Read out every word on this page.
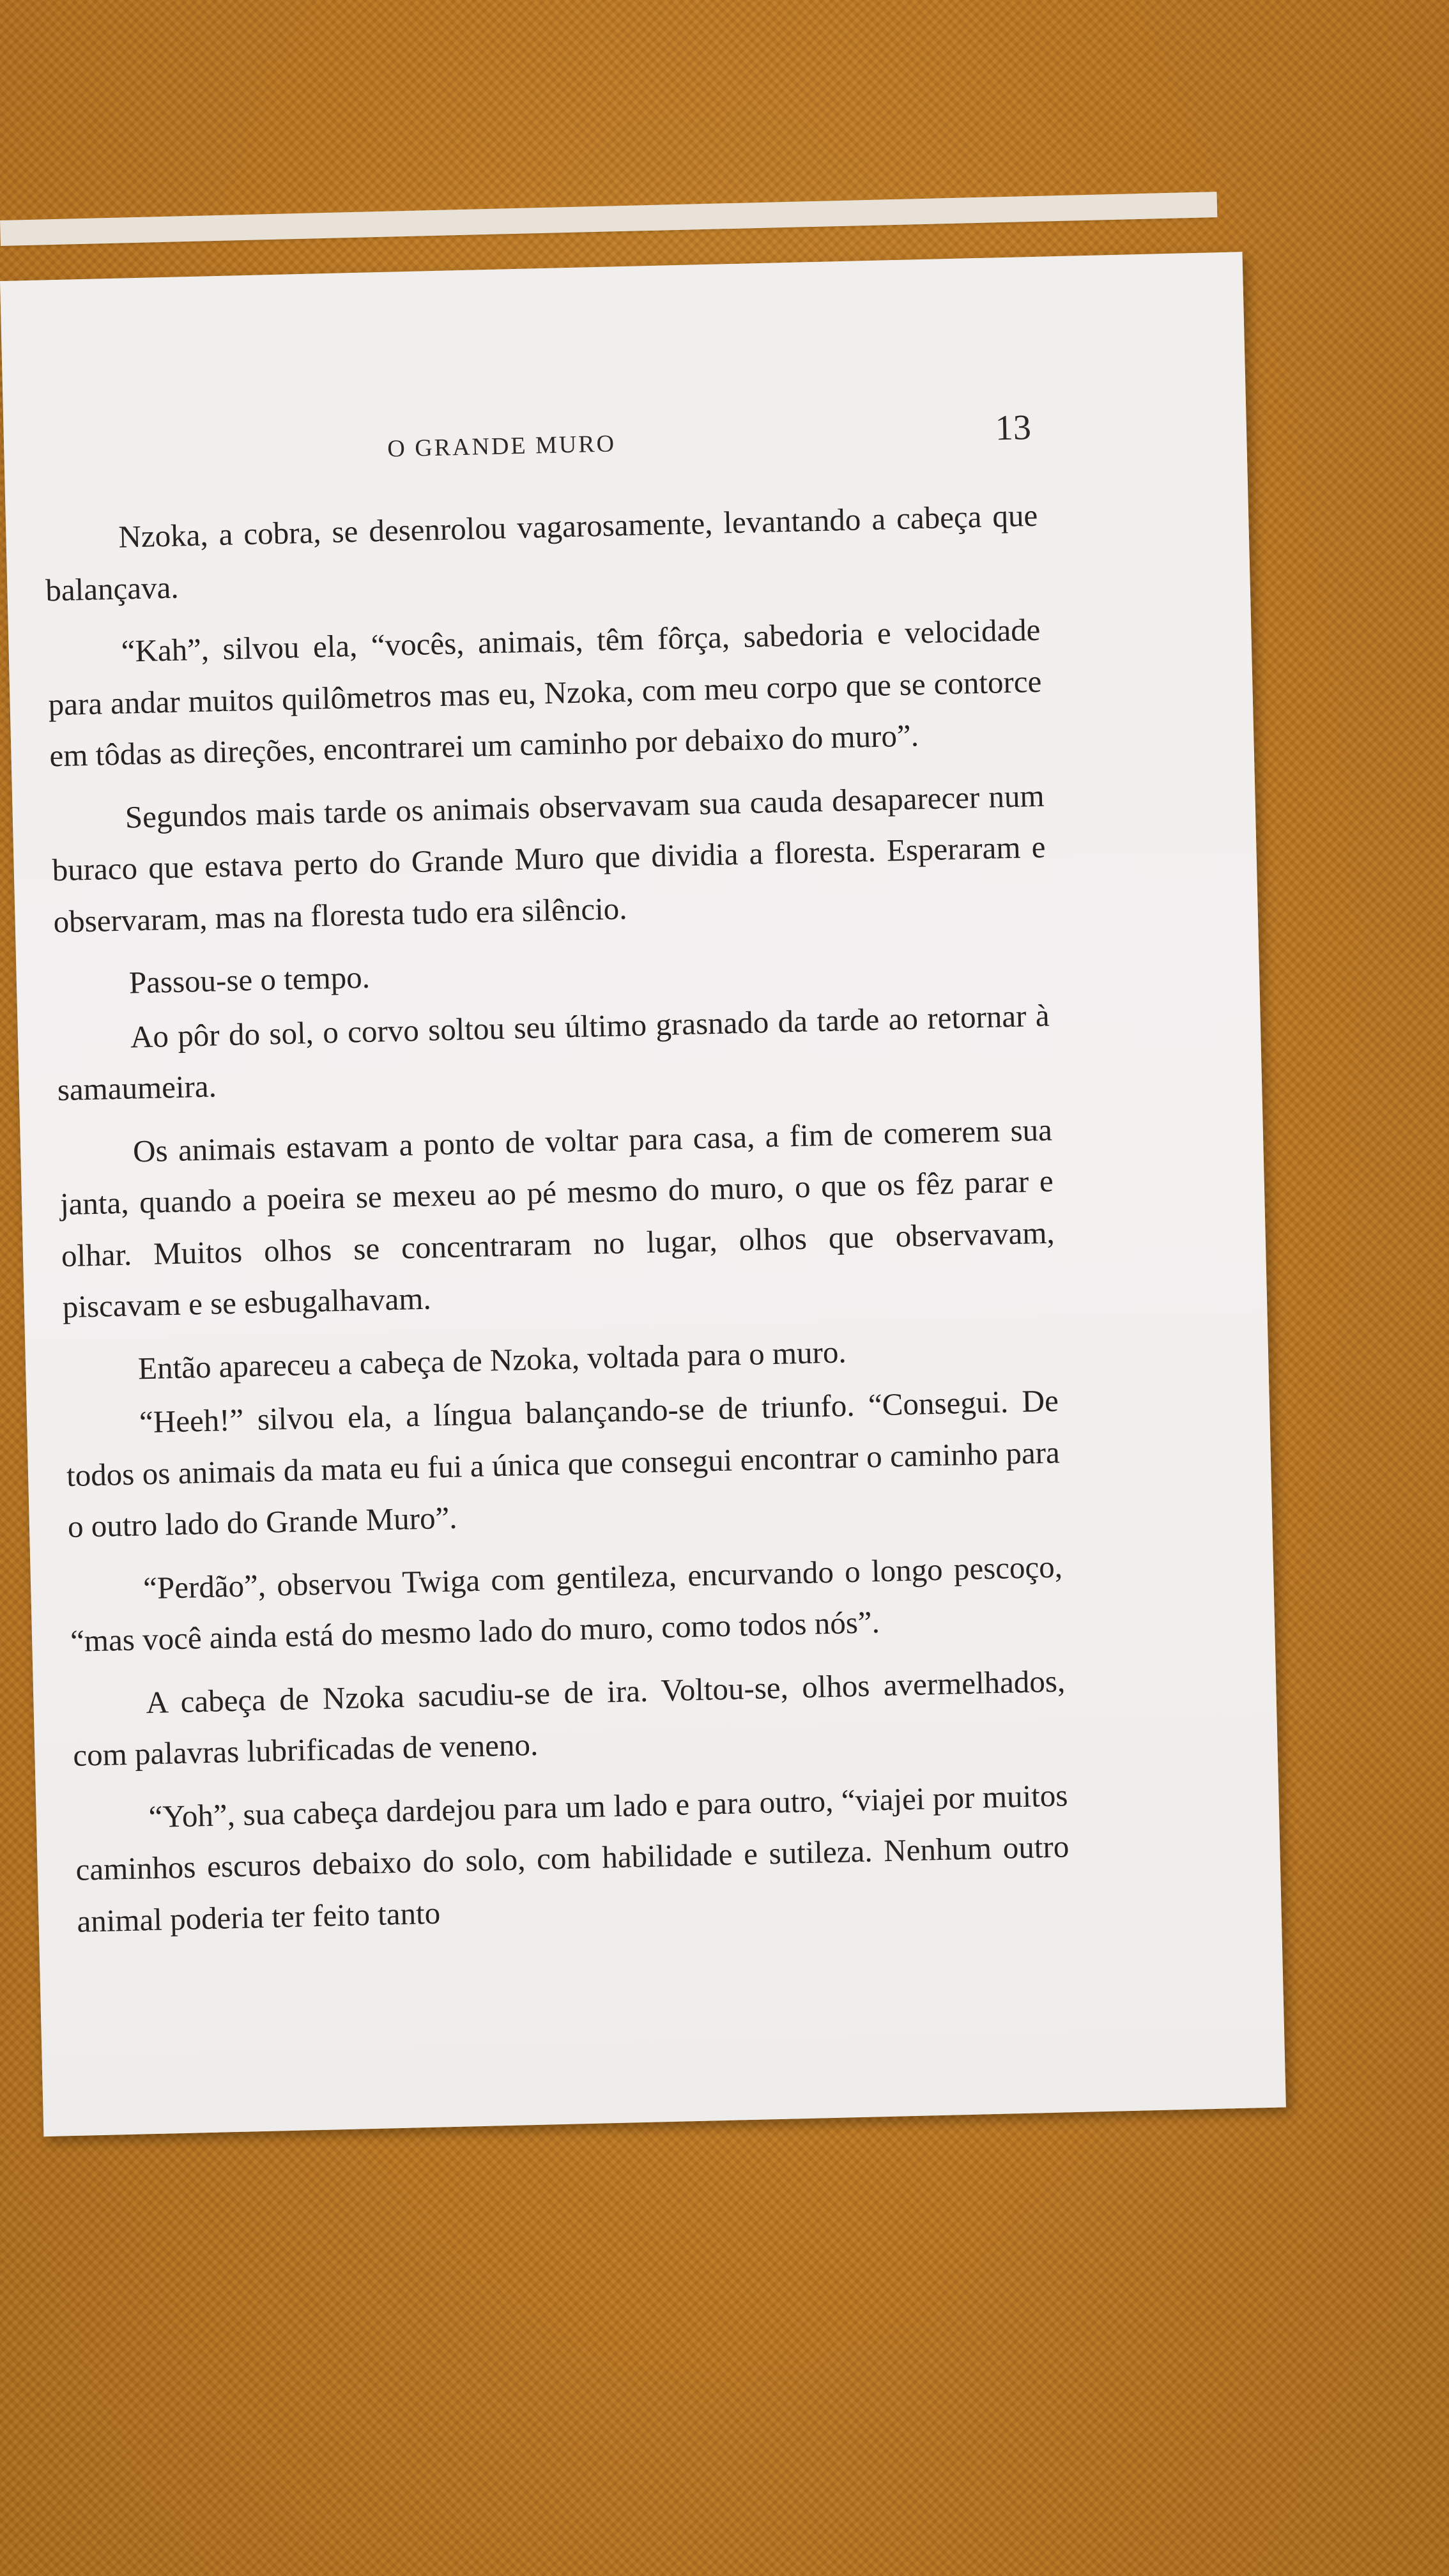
O GRANDE MURO	13

Nzoka, a cobra, se desenrolou vagarosamente, levantando a cabeça que balançava.

“Kah”, silvou ela, “vocês, animais, têm fôrça, sabedoria e velocidade para andar muitos quilômetros mas eu, Nzoka, com meu corpo que se contorce em tôdas as direções, encontrarei um caminho por debaixo do muro”.

Segundos mais tarde os animais observavam sua cauda desaparecer num buraco que estava perto do Grande Muro que dividia a floresta. Esperaram e observaram, mas na floresta tudo era silêncio.

Passou-se o tempo.

Ao pôr do sol, o corvo soltou seu último grasnado da tarde ao retornar à samaumeira.

Os animais estavam a ponto de voltar para casa, a fim de comerem sua janta, quando a poeira se mexeu ao pé mesmo do muro, o que os fêz parar e olhar. Muitos olhos se concentraram no lugar, olhos que observavam, piscavam e se esbugalhavam.

Então apareceu a cabeça de Nzoka, voltada para o muro.

“Heeh!” silvou ela, a língua balançando-se de triunfo. “Consegui. De todos os animais da mata eu fui a única que consegui encontrar o caminho para o outro lado do Grande Muro”.

“Perdão”, observou Twiga com gentileza, encurvando o longo pescoço, “mas você ainda está do mesmo lado do muro, como todos nós”.

A cabeça de Nzoka sacudiu-se de ira. Voltou-se, olhos avermelhados, com palavras lubrificadas de veneno.

“Yoh”, sua cabeça dardejou para um lado e para outro, “viajei por muitos caminhos escuros debaixo do solo, com habilidade e sutileza. Nenhum outro animal poderia ter feito tanto
